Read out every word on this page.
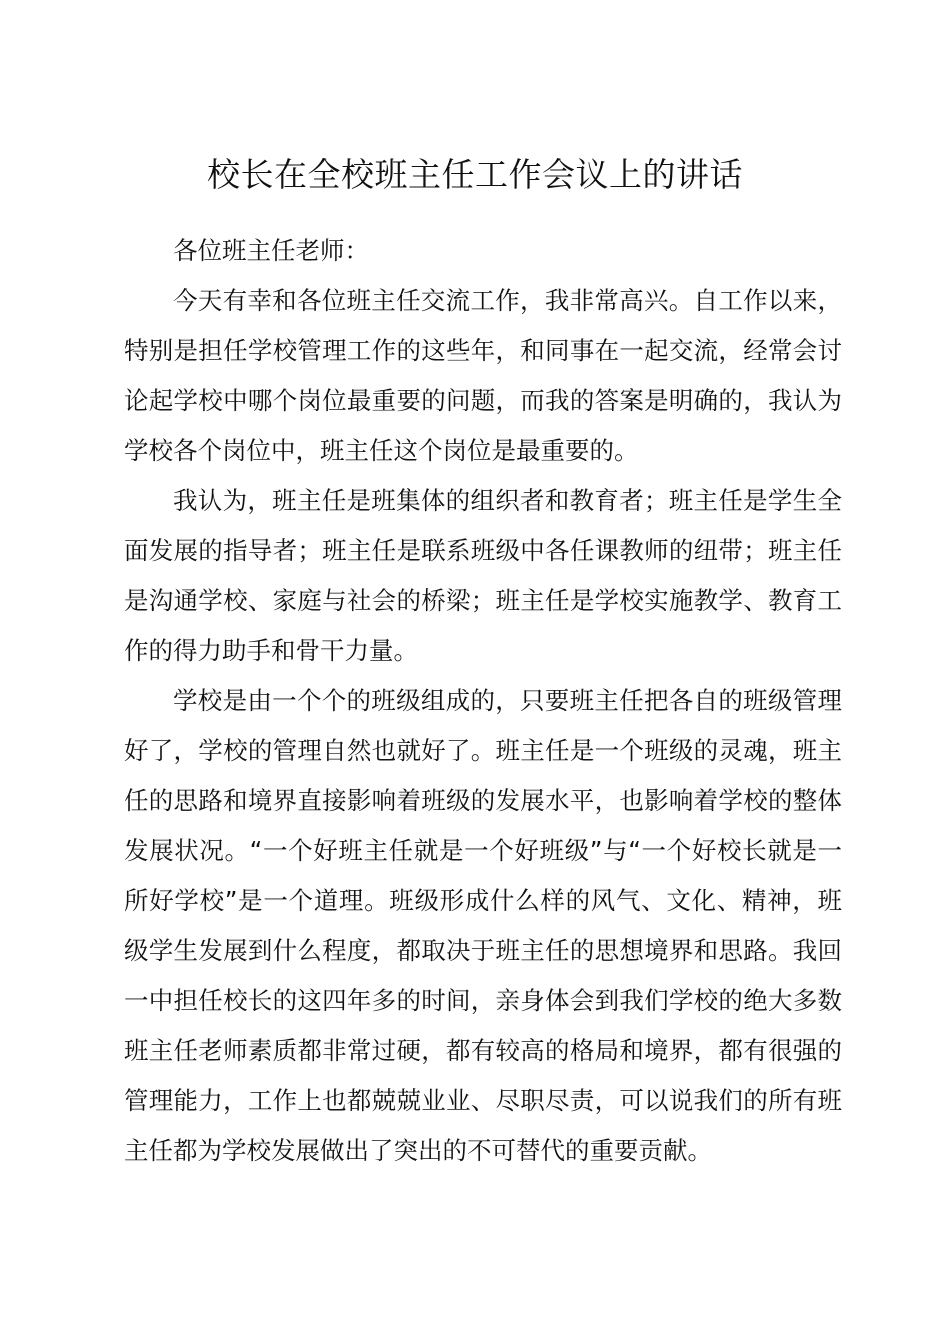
校长在全校班主任工作会议上的讲话

各位班主任老师：

今天有幸和各位班主任交流工作，我非常高兴。自工作以来，特别是担任学校管理工作的这些年，和同事在一起交流，经常会讨论起学校中哪个岗位最重要的问题，而我的答案是明确的，我认为学校各个岗位中，班主任这个岗位是最重要的。

我认为，班主任是班集体的组织者和教育者；班主任是学生全面发展的指导者；班主任是联系班级中各任课教师的纽带；班主任是沟通学校、家庭与社会的桥梁；班主任是学校实施教学、教育工作的得力助手和骨干力量。

学校是由一个个的班级组成的，只要班主任把各自的班级管理好了，学校的管理自然也就好了。班主任是一个班级的灵魂，班主任的思路和境界直接影响着班级的发展水平，也影响着学校的整体发展状况。“一个好班主任就是一个好班级”与“一个好校长就是一所好学校”是一个道理。班级形成什么样的风气、文化、精神，班级学生发展到什么程度，都取决于班主任的思想境界和思路。我回一中担任校长的这四年多的时间，亲身体会到我们学校的绝大多数班主任老师素质都非常过硬，都有较高的格局和境界，都有很强的管理能力，工作上也都兢兢业业、尽职尽责，可以说我们的所有班主任都为学校发展做出了突出的不可替代的重要贡献。
